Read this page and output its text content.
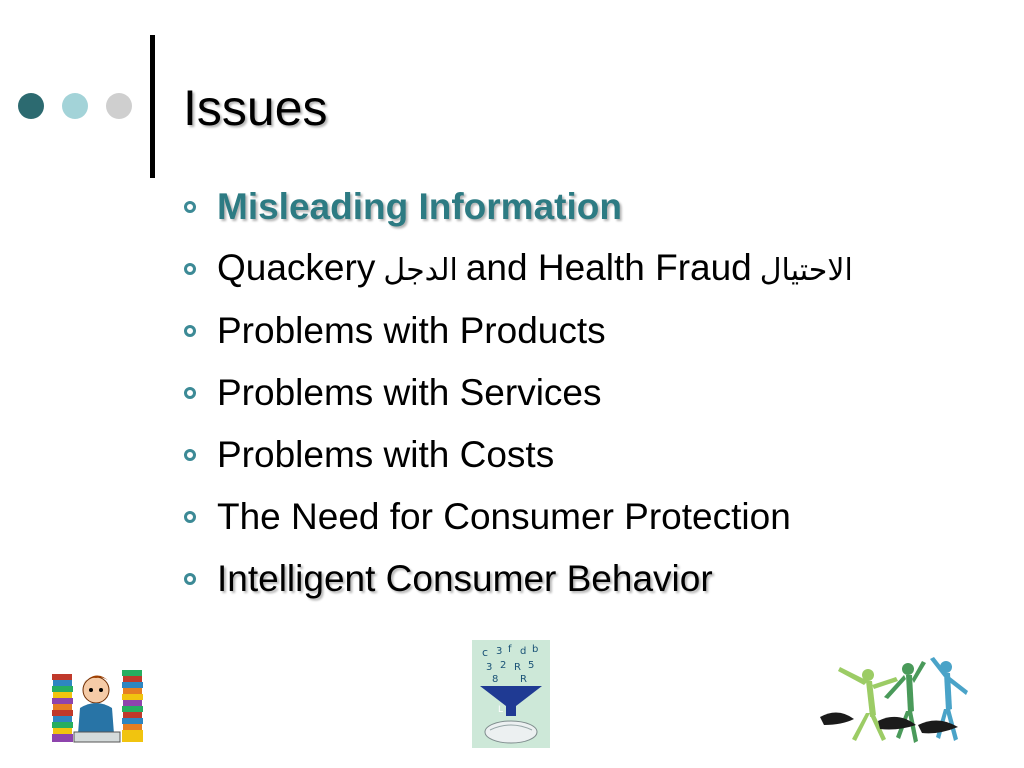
Issues
Misleading Information
Quackery الدجل and Health Fraud الاحتيال
Problems with Products
Problems with Services
Problems with Costs
The Need for Consumer Protection
Intelligent Consumer Behavior
c 3 f d b
3 2 R 5
8 R
L
